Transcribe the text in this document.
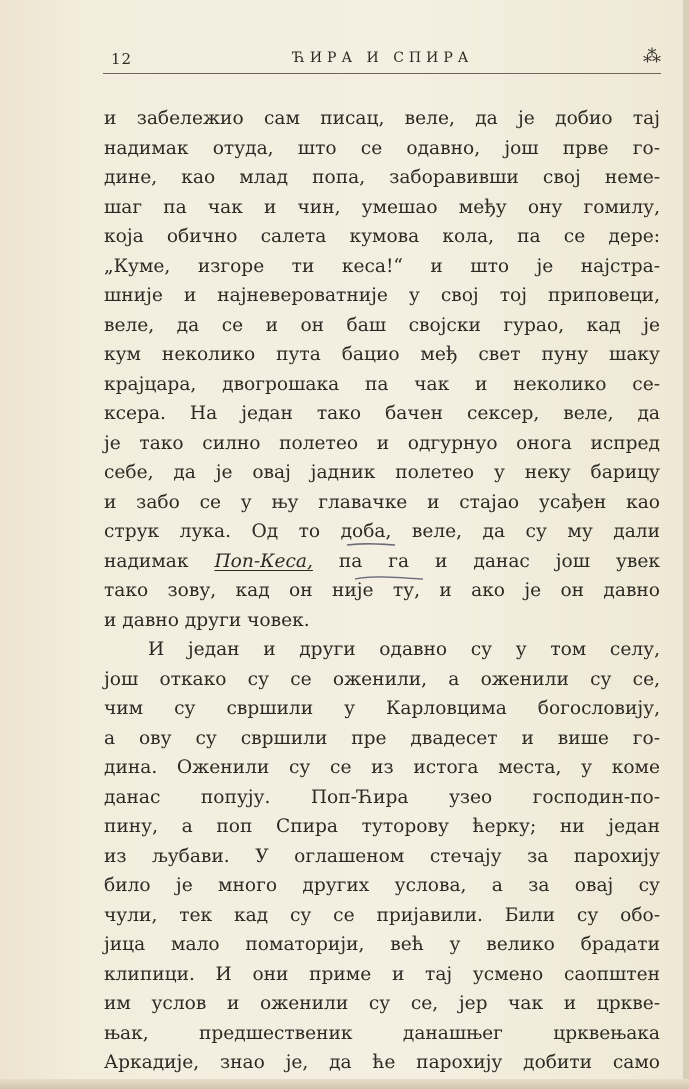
12	ЋИРА И СПИРА	⁂
и забележио сам писац, веле, да је добио тај
надимак отуда, што се одавно, још прве го-
дине, као млад попа, заборавивши свој неме-
шаг па чак и чин, умешао међу ону гомилу,
која обично салета кумова кола, па се дере:
„Куме, изгоре ти кеса!“ и што је најстра-
шније и најневероватније у свој тој приповеци,
веле, да се и он баш својски гурао, кад је
кум неколико пута бацио међ свет пуну шаку
крајцара, двогрошака па чак и неколико се-
ксера. На један тако бачен сексер, веле, да
је тако силно полетео и одгурнуо онога испред
себе, да је овај јадник полетео у неку барицу
и забо се у њу главачке и стајао усађен као
струк лука. Од то доба, веле, да су му дали
надимак Поп-Кеса, па га и данас још увек
тако зову, кад он није ту, и ако је он давно
и давно други човек.
И један и други одавно су у том селу,
још откако су се оженили, а оженили су се,
чим су свршили у Карловцима богословију,
а ову су свршили пре двадесет и више го-
дина. Оженили су се из истога места, у коме
данас попују. Поп-Ћира узео господин-по-
пину, а поп Спира туторову ћерку; ни један
из љубави. У оглашеном стечају за парохију
било је много других услова, а за овај су
чули, тек кад су се пријавили. Били су обо-
јица мало поматорији, већ у велико брадати
клипици. И они приме и тај усмено саопштен
им услов и оженили су се, јер чак и цркве-
њак, предшественик данашњег црквењака
Аркадије, знао је, да ће парохију добити само
